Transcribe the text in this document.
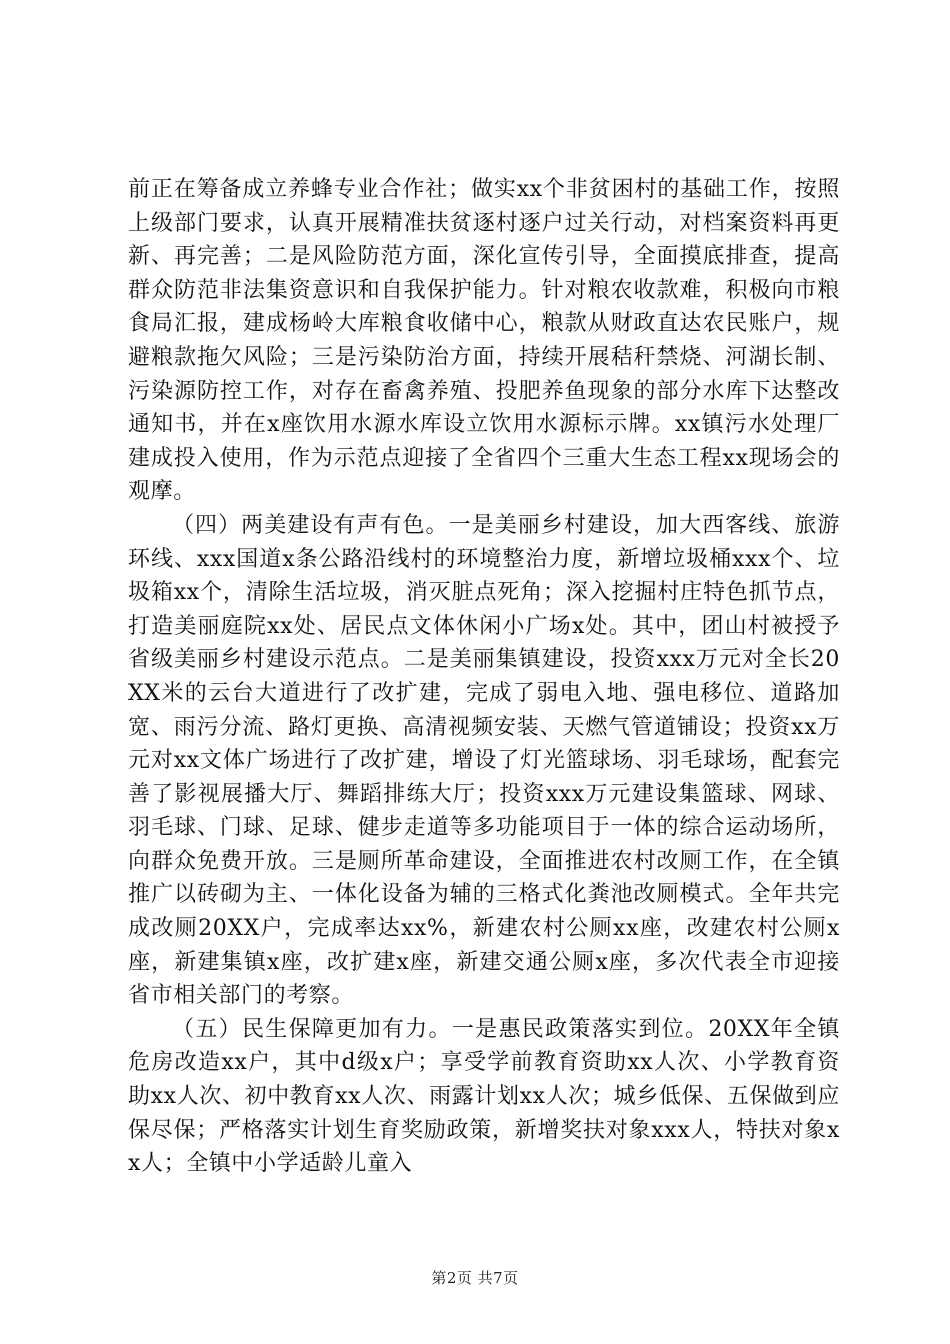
前正在筹备成立养蜂专业合作社；做实xx个非贫困村的基础工作，按照上级部门要求，认真开展精准扶贫逐村逐户过关行动，对档案资料再更新、再完善；二是风险防范方面，深化宣传引导，全面摸底排查，提高群众防范非法集资意识和自我保护能力。针对粮农收款难，积极向市粮食局汇报，建成杨岭大库粮食收储中心，粮款从财政直达农民账户，规避粮款拖欠风险；三是污染防治方面，持续开展秸秆禁烧、河湖长制、污染源防控工作，对存在畜禽养殖、投肥养鱼现象的部分水库下达整改通知书，并在x座饮用水源水库设立饮用水源标示牌。xx镇污水处理厂建成投入使用，作为示范点迎接了全省四个三重大生态工程xx现场会的观摩。

（四）两美建设有声有色。一是美丽乡村建设，加大西客线、旅游环线、xxx国道x条公路沿线村的环境整治力度，新增垃圾桶xxx个、垃圾箱xx个，清除生活垃圾，消灭脏点死角；深入挖掘村庄特色抓节点，打造美丽庭院xx处、居民点文体休闲小广场x处。其中，团山村被授予省级美丽乡村建设示范点。二是美丽集镇建设，投资xxx万元对全长20XX米的云台大道进行了改扩建，完成了弱电入地、强电移位、道路加宽、雨污分流、路灯更换、高清视频安装、天燃气管道铺设；投资xx万元对xx文体广场进行了改扩建，增设了灯光篮球场、羽毛球场，配套完善了影视展播大厅、舞蹈排练大厅；投资xxx万元建设集篮球、网球、羽毛球、门球、足球、健步走道等多功能项目于一体的综合运动场所，向群众免费开放。三是厕所革命建设，全面推进农村改厕工作，在全镇推广以砖砌为主、一体化设备为辅的三格式化粪池改厕模式。全年共完成改厕20XX户，完成率达xx%，新建农村公厕xx座，改建农村公厕x座，新建集镇x座，改扩建x座，新建交通公厕x座，多次代表全市迎接省市相关部门的考察。

（五）民生保障更加有力。一是惠民政策落实到位。20XX年全镇危房改造xx户，其中d级x户；享受学前教育资助xx人次、小学教育资助xx人次、初中教育xx人次、雨露计划xx人次；城乡低保、五保做到应保尽保；严格落实计划生育奖励政策，新增奖扶对象xxx人，特扶对象xx人；全镇中小学适龄儿童入

第2页 共7页
